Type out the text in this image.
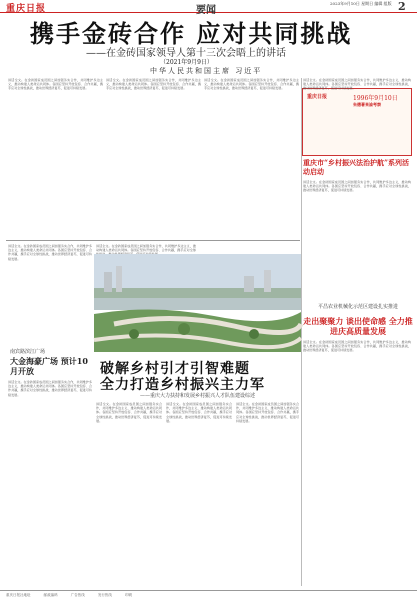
重庆日报	要闻
2023年9月10日 星期日 编辑 组版 2
携手金砖合作 应对共同挑战
——在金砖国家领导人第十三次会晤上的讲话
（2021年9月9日）
中华人民共和国主席 习近平
讲话全文。在金砖国家成员国之间加强务实合作，共同维护多边主义，推动构建人类命运共同体。各国应坚持开放包容、合作共赢，携手应对全球性挑战，推动世界经济复苏，促进可持续发展。
讲话全文。在金砖国家成员国之间加强务实合作，共同维护多边主义，推动构建人类命运共同体。各国应坚持开放包容、合作共赢，携手应对全球性挑战，推动世界经济复苏，促进可持续发展。
讲话全文。在金砖国家成员国之间加强务实合作，共同维护多边主义，推动构建人类命运共同体。各国应坚持开放包容、合作共赢，携手应对全球性挑战，推动世界经济复苏，促进可持续发展。
重庆日报	1996年9月10日
朱德著来渝考察
讲话全文。在金砖国家成员国之间加强务实合作，共同维护多边主义，推动构建人类命运共同体。各国应坚持开放包容、合作共赢，携手应对全球性挑战，推动世界经济复苏，促进可持续发展。
重庆市“乡村振兴法治护航”系列活动启动
讲话全文。在金砖国家成员国之间加强务实合作，共同维护多边主义，推动构建人类命运共同体。各国应坚持开放包容、合作共赢，携手应对全球性挑战，推动世界经济复苏，促进可持续发展。
平昌农业机械化示范区建设扎实推进
走出聚聚力 谈出使命感 全力推进庆高质量发展
讲话全文。在金砖国家成员国之间加强务实合作，共同维护多边主义，推动构建人类命运共同体。各国应坚持开放包容、合作共赢，携手应对全球性挑战，推动世界经济复苏，促进可持续发展。
讲话全文。在金砖国家成员国之间加强务实合作，共同维护多边主义，推动构建人类命运共同体。各国应坚持开放包容、合作共赢，携手应对全球性挑战，推动世界经济复苏，促进可持续发展。
讲话全文。在金砖国家成员国之间加强务实合作，共同维护多边主义，推动构建人类命运共同体。各国应坚持开放包容、合作共赢，携手应对全球
南宾路滨江广场
大金海豪广场 预计10月开放
讲话全文。在金砖国家成员国之间加强务实合作，共同维护多边主义，推动构建人类命运共同体。各国应坚持开放包容、合作共赢，携手应对全球性挑战，推动世界经济复苏，促进可持续发展。
破解乡村引才引智难题
全力打造乡村振兴主力军
——重庆大力扶持和发展乡村振兴人才队伍建设综述
讲话全文。在金砖国家成员国之间加强务实合作，共同维护多边主义，推动构建人类命运共同体。各国应坚持开放包容、合作共赢，携手应对全球性挑战，推动世界经济复苏，促进可持续发展。
讲话全文。在金砖国家成员国之间加强务实合作，共同维护多边主义，推动构建人类命运共同体。各国应坚持开放包容、合作共赢，携手应对全球性挑战，推动世界经济复苏，促进可持续发展。
讲话全文。在金砖国家成员国之间加强务实合作，共同维护多边主义，推动构建人类命运共同体。各国应坚持开放包容、合作共赢，携手应对全球性挑战，推动世界经济复苏，促进可持续发展。
重庆日报社地址	邮政编码	广告热线	发行热线	印刷
